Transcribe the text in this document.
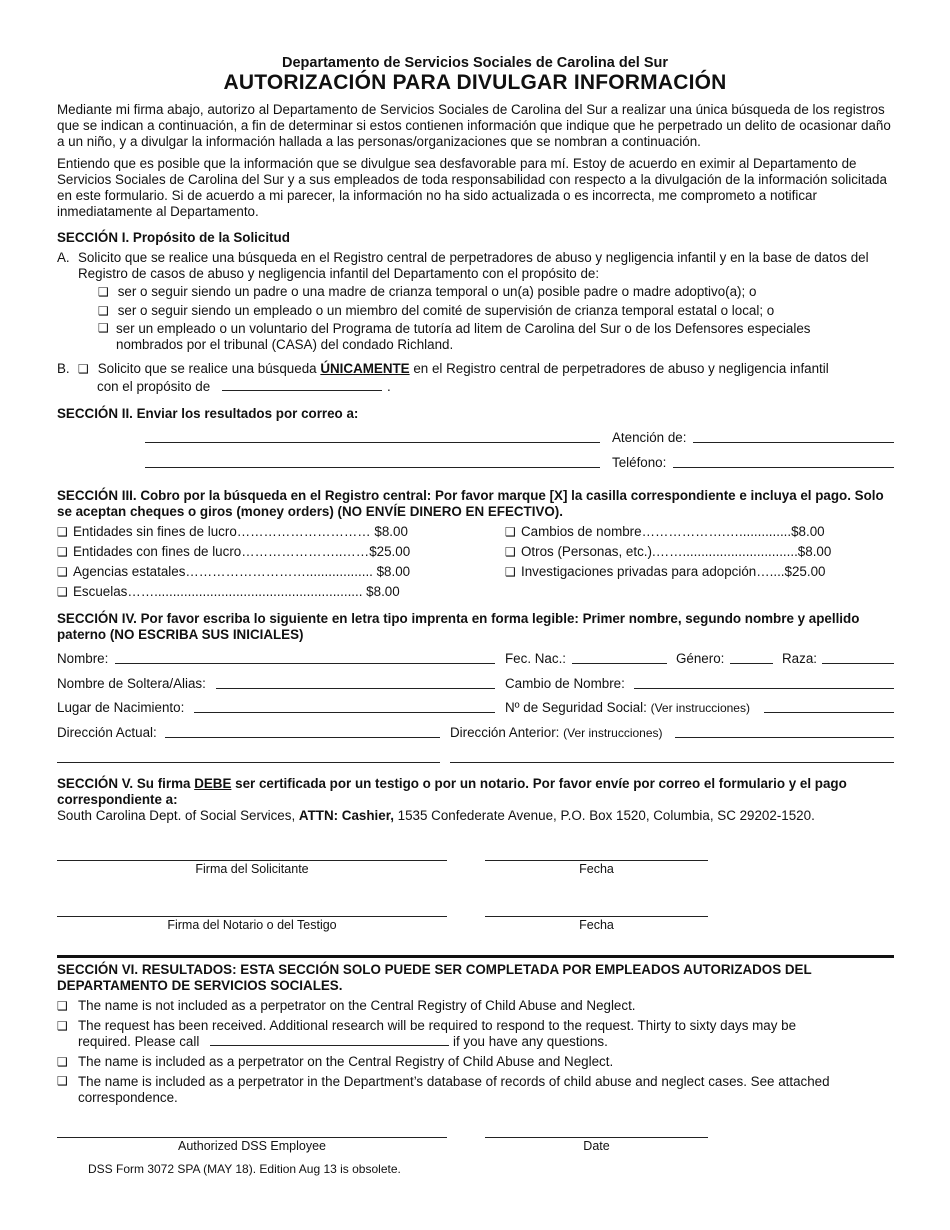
Departamento de Servicios Sociales de Carolina del Sur
AUTORIZACIÓN PARA DIVULGAR INFORMACIÓN
Mediante mi firma abajo, autorizo al Departamento de Servicios Sociales de Carolina del Sur a realizar una única búsqueda de los registros que se indican a continuación, a fin de determinar si estos contienen información que indique que he perpetrado un delito de ocasionar daño a un niño, y a divulgar la información hallada a las personas/organizaciones que se nombran a continuación.
Entiendo que es posible que la información que se divulgue sea desfavorable para mí. Estoy de acuerdo en eximir al Departamento de Servicios Sociales de Carolina del Sur y a sus empleados de toda responsabilidad con respecto a la divulgación de la información solicitada en este formulario. Si de acuerdo a mi parecer, la información no ha sido actualizada o es incorrecta, me comprometo a notificar inmediatamente al Departamento.
SECCIÓN I. Propósito de la Solicitud
A. Solicito que se realice una búsqueda en el Registro central de perpetradores de abuso y negligencia infantil y en la base de datos del Registro de casos de abuso y negligencia infantil del Departamento con el propósito de:
❑ ser o seguir siendo un padre o una madre de crianza temporal o un(a) posible padre o madre adoptivo(a); o
❑ ser o seguir siendo un empleado o un miembro del comité de supervisión de crianza temporal estatal o local; o
❑ ser un empleado o un voluntario del Programa de tutoría ad litem de Carolina del Sur o de los Defensores especiales nombrados por el tribunal (CASA) del condado Richland.
B. ❑ Solicito que se realice una búsqueda ÚNICAMENTE en el Registro central de perpetradores de abuso y negligencia infantil
con el propósito de	.
SECCIÓN II. Enviar los resultados por correo a:
Atención de:
Teléfono:
SECCIÓN III. Cobro por la búsqueda en el Registro central: Por favor marque [X] la casilla correspondiente e incluya el pago. Solo se aceptan cheques o giros (money orders) (NO ENVÍE DINERO EN EFECTIVO).
❑ Entidades sin fines de lucro………………………… $8.00
❑ Entidades con fines de lucro…………………..……$25.00
❑ Agencias estatales……………………….................. $8.00
❑ Escuelas……........................................................ $8.00
❑ Cambios de nombre……………….…..............$8.00
❑ Otros (Personas, etc.).……...............................$8.00
❑ Investigaciones privadas para adopción…....$25.00
SECCIÓN IV. Por favor escriba lo siguiente en letra tipo imprenta en forma legible: Primer nombre, segundo nombre y apellido paterno (NO ESCRIBA SUS INICIALES)
Nombre:	Fec. Nac.:	Género:	Raza:
Nombre de Soltera/Alias:	Cambio de Nombre:
Lugar de Nacimiento:	Nº de Seguridad Social: (Ver instrucciones)
Dirección Actual:	Dirección Anterior: (Ver instrucciones)
SECCIÓN V. Su firma DEBE ser certificada por un testigo o por un notario. Por favor envíe por correo el formulario y el pago correspondiente a:
South Carolina Dept. of Social Services, ATTN: Cashier, 1535 Confederate Avenue, P.O. Box 1520, Columbia, SC 29202-1520.
Firma del Solicitante	Fecha
Firma del Notario o del Testigo	Fecha
SECCIÓN VI. RESULTADOS: ESTA SECCIÓN SOLO PUEDE SER COMPLETADA POR EMPLEADOS AUTORIZADOS DEL DEPARTAMENTO DE SERVICIOS SOCIALES.
❑ The name is not included as a perpetrator on the Central Registry of Child Abuse and Neglect.
❑ The request has been received. Additional research will be required to respond to the request. Thirty to sixty days may be
required. Please call	if you have any questions.
❑ The name is included as a perpetrator on the Central Registry of Child Abuse and Neglect.
❑ The name is included as a perpetrator in the Department’s database of records of child abuse and neglect cases. See attached correspondence.
Authorized DSS Employee	Date
DSS Form 3072 SPA (MAY 18). Edition Aug 13 is obsolete.
